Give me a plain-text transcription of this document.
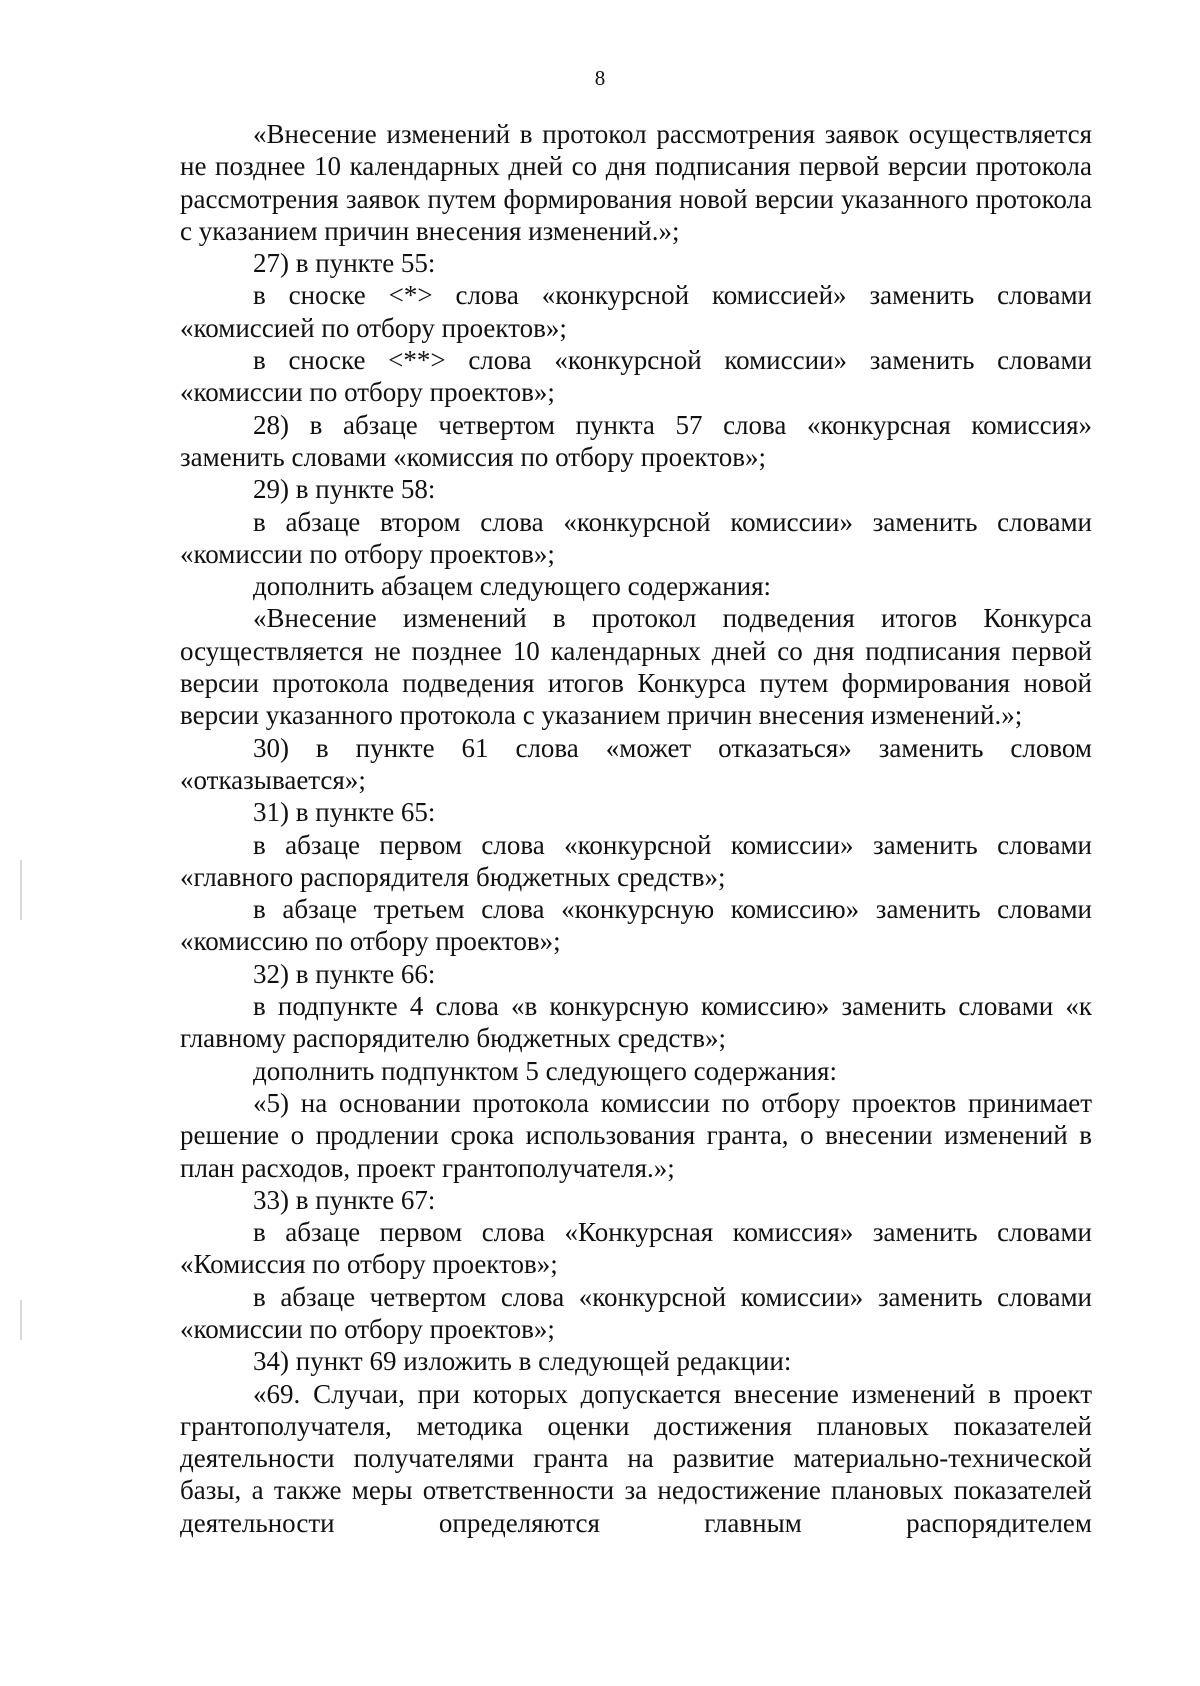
8

«Внесение изменений в протокол рассмотрения заявок осуществляется не позднее 10 календарных дней со дня подписания первой версии протокола рассмотрения заявок путем формирования новой версии указанного протокола с указанием причин внесения изменений.»;

27) в пункте 55:

в сноске <*> слова «конкурсной комиссией» заменить словами «комиссией по отбору проектов»;

в сноске <**> слова «конкурсной комиссии» заменить словами «комиссии по отбору проектов»;

28) в абзаце четвертом пункта 57 слова «конкурсная комиссия» заменить словами «комиссия по отбору проектов»;

29) в пункте 58:

в абзаце втором слова «конкурсной комиссии» заменить словами «комиссии по отбору проектов»;

дополнить абзацем следующего содержания:

«Внесение изменений в протокол подведения итогов Конкурса осуществляется не позднее 10 календарных дней со дня подписания первой версии протокола подведения итогов Конкурса путем формирования новой версии указанного протокола с указанием причин внесения изменений.»;

30) в пункте 61 слова «может отказаться» заменить словом «отказывается»;

31) в пункте 65:

в абзаце первом слова «конкурсной комиссии» заменить словами «главного распорядителя бюджетных средств»;

в абзаце третьем слова «конкурсную комиссию» заменить словами «комиссию по отбору проектов»;

32) в пункте 66:

в подпункте 4 слова «в конкурсную комиссию» заменить словами «к главному распорядителю бюджетных средств»;

дополнить подпунктом 5 следующего содержания:

«5) на основании протокола комиссии по отбору проектов принимает решение о продлении срока использования гранта, о внесении изменений в план расходов, проект грантополучателя.»;

33) в пункте 67:

в абзаце первом слова «Конкурсная комиссия» заменить словами «Комиссия по отбору проектов»;

в абзаце четвертом слова «конкурсной комиссии» заменить словами «комиссии по отбору проектов»;

34) пункт 69 изложить в следующей редакции:

«69. Случаи, при которых допускается внесение изменений в проект грантополучателя, методика оценки достижения плановых показателей деятельности получателями гранта на развитие материально-технической базы, а также меры ответственности за недостижение плановых показателей деятельности определяются главным распорядителем
